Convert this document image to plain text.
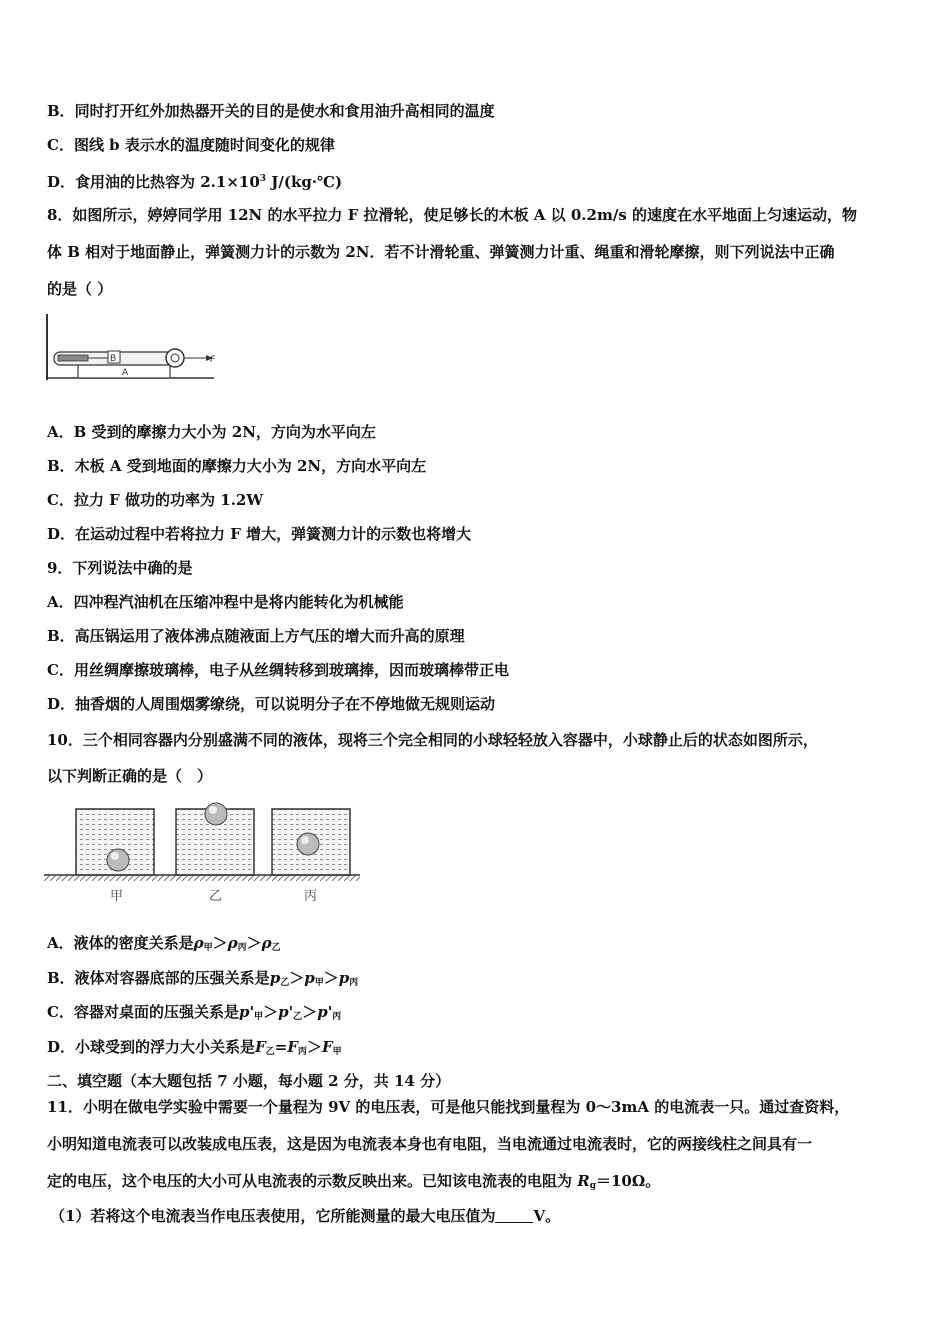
B．同时打开红外加热器开关的目的是使水和食用油升高相同的温度
C．图线 b 表示水的温度随时间变化的规律
D．食用油的比热容为 $2.1\times 10^3$ J/(kg·℃)
8．如图所示，婷婷同学用 12N 的水平拉力 F 拉滑轮，使足够长的木板 A 以 0.2m/s 的速度在水平地面上匀速运动，物
体 B 相对于地面静止，弹簧测力计的示数为 2N．若不计滑轮重、弹簧测力计重、绳重和滑轮摩擦，则下列说法中正确
的是（ ）
A
B	F
A．B 受到的摩擦力大小为 2N，方向为水平向左
B．木板 A 受到地面的摩擦力大小为 2N，方向水平向左
C．拉力 F 做功的功率为 1.2W
D．在运动过程中若将拉力 F 增大，弹簧测力计的示数也将增大
9．下列说法中确的是
A．四冲程汽油机在压缩冲程中是将内能转化为机械能
B．高压锅运用了液体沸点随液面上方气压的增大而升高的原理
C．用丝绸摩擦玻璃棒，电子从丝绸转移到玻璃捧，因而玻璃棒带正电
D．抽香烟的人周围烟雾缭绕，可以说明分子在不停地做无规则运动
10．三个相同容器内分别盛满不同的液体，现将三个完全相同的小球轻轻放入容器中，小球静止后的状态如图所示，
以下判断正确的是（　）
甲	乙	丙
A．液体的密度关系是$\rho_甲>\rho_丙>\rho_乙$
B．液体对容器底部的压强关系是$p_乙>p_甲>p_丙$
C．容器对桌面的压强关系是$p'_甲>p'_乙>p'_丙$
D．小球受到的浮力大小关系是$F_乙=F_丙>F_甲$
二、填空题（本大题包括 7 小题，每小题 2 分，共 14 分）
11．小明在做电学实验中需要一个量程为 9V 的电压表，可是他只能找到量程为 0～3mA 的电流表一只。通过查资料，
小明知道电流表可以改装成电压表，这是因为电流表本身也有电阻，当电流通过电流表时，它的两接线柱之间具有一
定的电压，这个电压的大小可从电流表的示数反映出来。已知该电流表的电阻为 $R_g=10\Omega$。
（1）若将这个电流表当作电压表使用，它所能测量的最大电压值为	V。
